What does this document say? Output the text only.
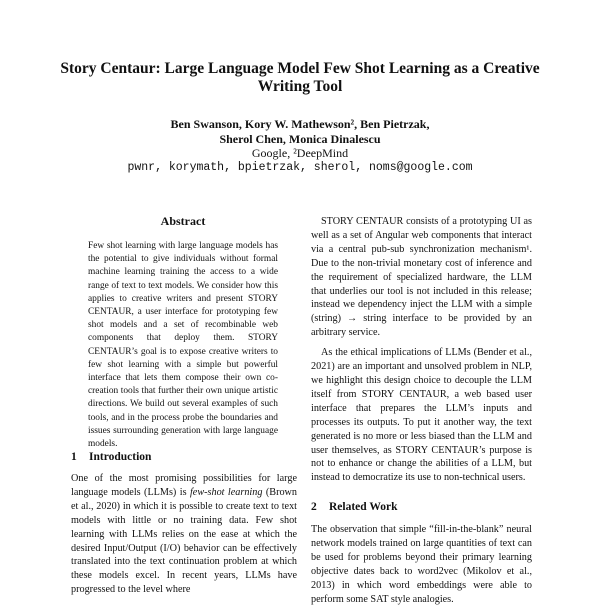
Story Centaur: Large Language Model Few Shot Learning as a Creative
Writing Tool
Ben Swanson, Kory W. Mathewson², Ben Pietrzak,
Sherol Chen, Monica Dinalescu
Google, ²DeepMind
pwnr, korymath, bpietrzak, sherol, noms@google.com
Abstract

Few shot learning with large language models has the potential to give individuals without formal machine learning training the access to a wide range of text to text models. We consider how this applies to creative writers and present STORY CENTAUR, a user interface for prototyping few shot models and a set of recombinable web components that deploy them. STORY CENTAUR’s goal is to expose creative writers to few shot learning with a simple but powerful interface that lets them compose their own co-creation tools that further their own unique artistic directions. We build out several examples of such tools, and in the process probe the boundaries and issues surrounding generation with large language models.

1 Introduction
One of the most promising possibilities for large language models (LLMs) is few-shot learning (Brown et al., 2020) in which it is possible to create text to text models with little or no training data. Few shot learning with LLMs relies on the ease at which the desired Input/Output (I/O) behavior can be effectively translated into the text continuation problem at which these models excel. In recent years, LLMs have progressed to the level where

STORY CENTAUR consists of a prototyping UI as well as a set of Angular web components that interact via a central pub-sub synchronization mechanism¹. Due to the non-trivial monetary cost of inference and the requirement of specialized hardware, the LLM that underlies our tool is not included in this release; instead we dependency inject the LLM with a simple (string) → string interface to be provided by an arbitrary service.

As the ethical implications of LLMs (Bender et al., 2021) are an important and unsolved problem in NLP, we highlight this design choice to decouple the LLM itself from STORY CENTAUR, a web based user interface that prepares the LLM’s inputs and processes its outputs. To put it another way, the text generated is no more or less biased than the LLM and user themselves, as STORY CENTAUR’s purpose is not to enhance or change the abilities of a LLM, but instead to democratize its use to non-technical users.

2 Related Work
The observation that simple “fill-in-the-blank” neural network models trained on large quantities of text can be used for problems beyond their primary learning objective dates back to word2vec (Mikolov et al., 2013) in which word embeddings were able to perform some SAT style analogies.
